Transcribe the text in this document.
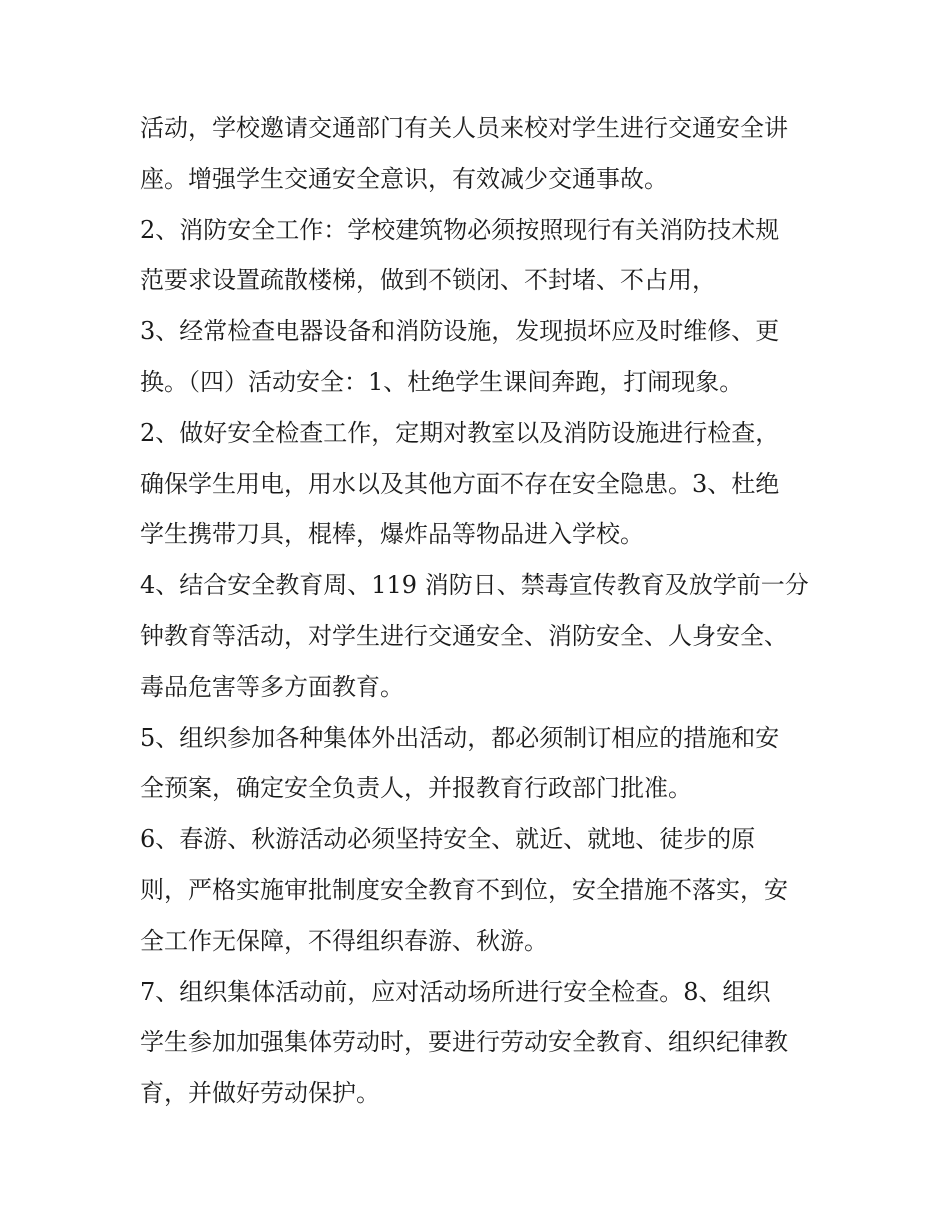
活动，学校邀请交通部门有关人员来校对学生进行交通安全讲
座。增强学生交通安全意识，有效减少交通事故。
2、消防安全工作：学校建筑物必须按照现行有关消防技术规
范要求设置疏散楼梯，做到不锁闭、不封堵、不占用，
3、经常检查电器设备和消防设施，发现损坏应及时维修、更
换。（四）活动安全：1、杜绝学生课间奔跑，打闹现象。
2、做好安全检查工作，定期对教室以及消防设施进行检查，
确保学生用电，用水以及其他方面不存在安全隐患。3、杜绝
学生携带刀具，棍棒，爆炸品等物品进入学校。
4、结合安全教育周、119 消防日、禁毒宣传教育及放学前一分
钟教育等活动，对学生进行交通安全、消防安全、人身安全、
毒品危害等多方面教育。
5、组织参加各种集体外出活动，都必须制订相应的措施和安
全预案，确定安全负责人，并报教育行政部门批准。
6、春游、秋游活动必须坚持安全、就近、就地、徒步的原
则，严格实施审批制度安全教育不到位，安全措施不落实，安
全工作无保障，不得组织春游、秋游。
7、组织集体活动前，应对活动场所进行安全检查。8、组织
学生参加加强集体劳动时，要进行劳动安全教育、组织纪律教
育，并做好劳动保护。
